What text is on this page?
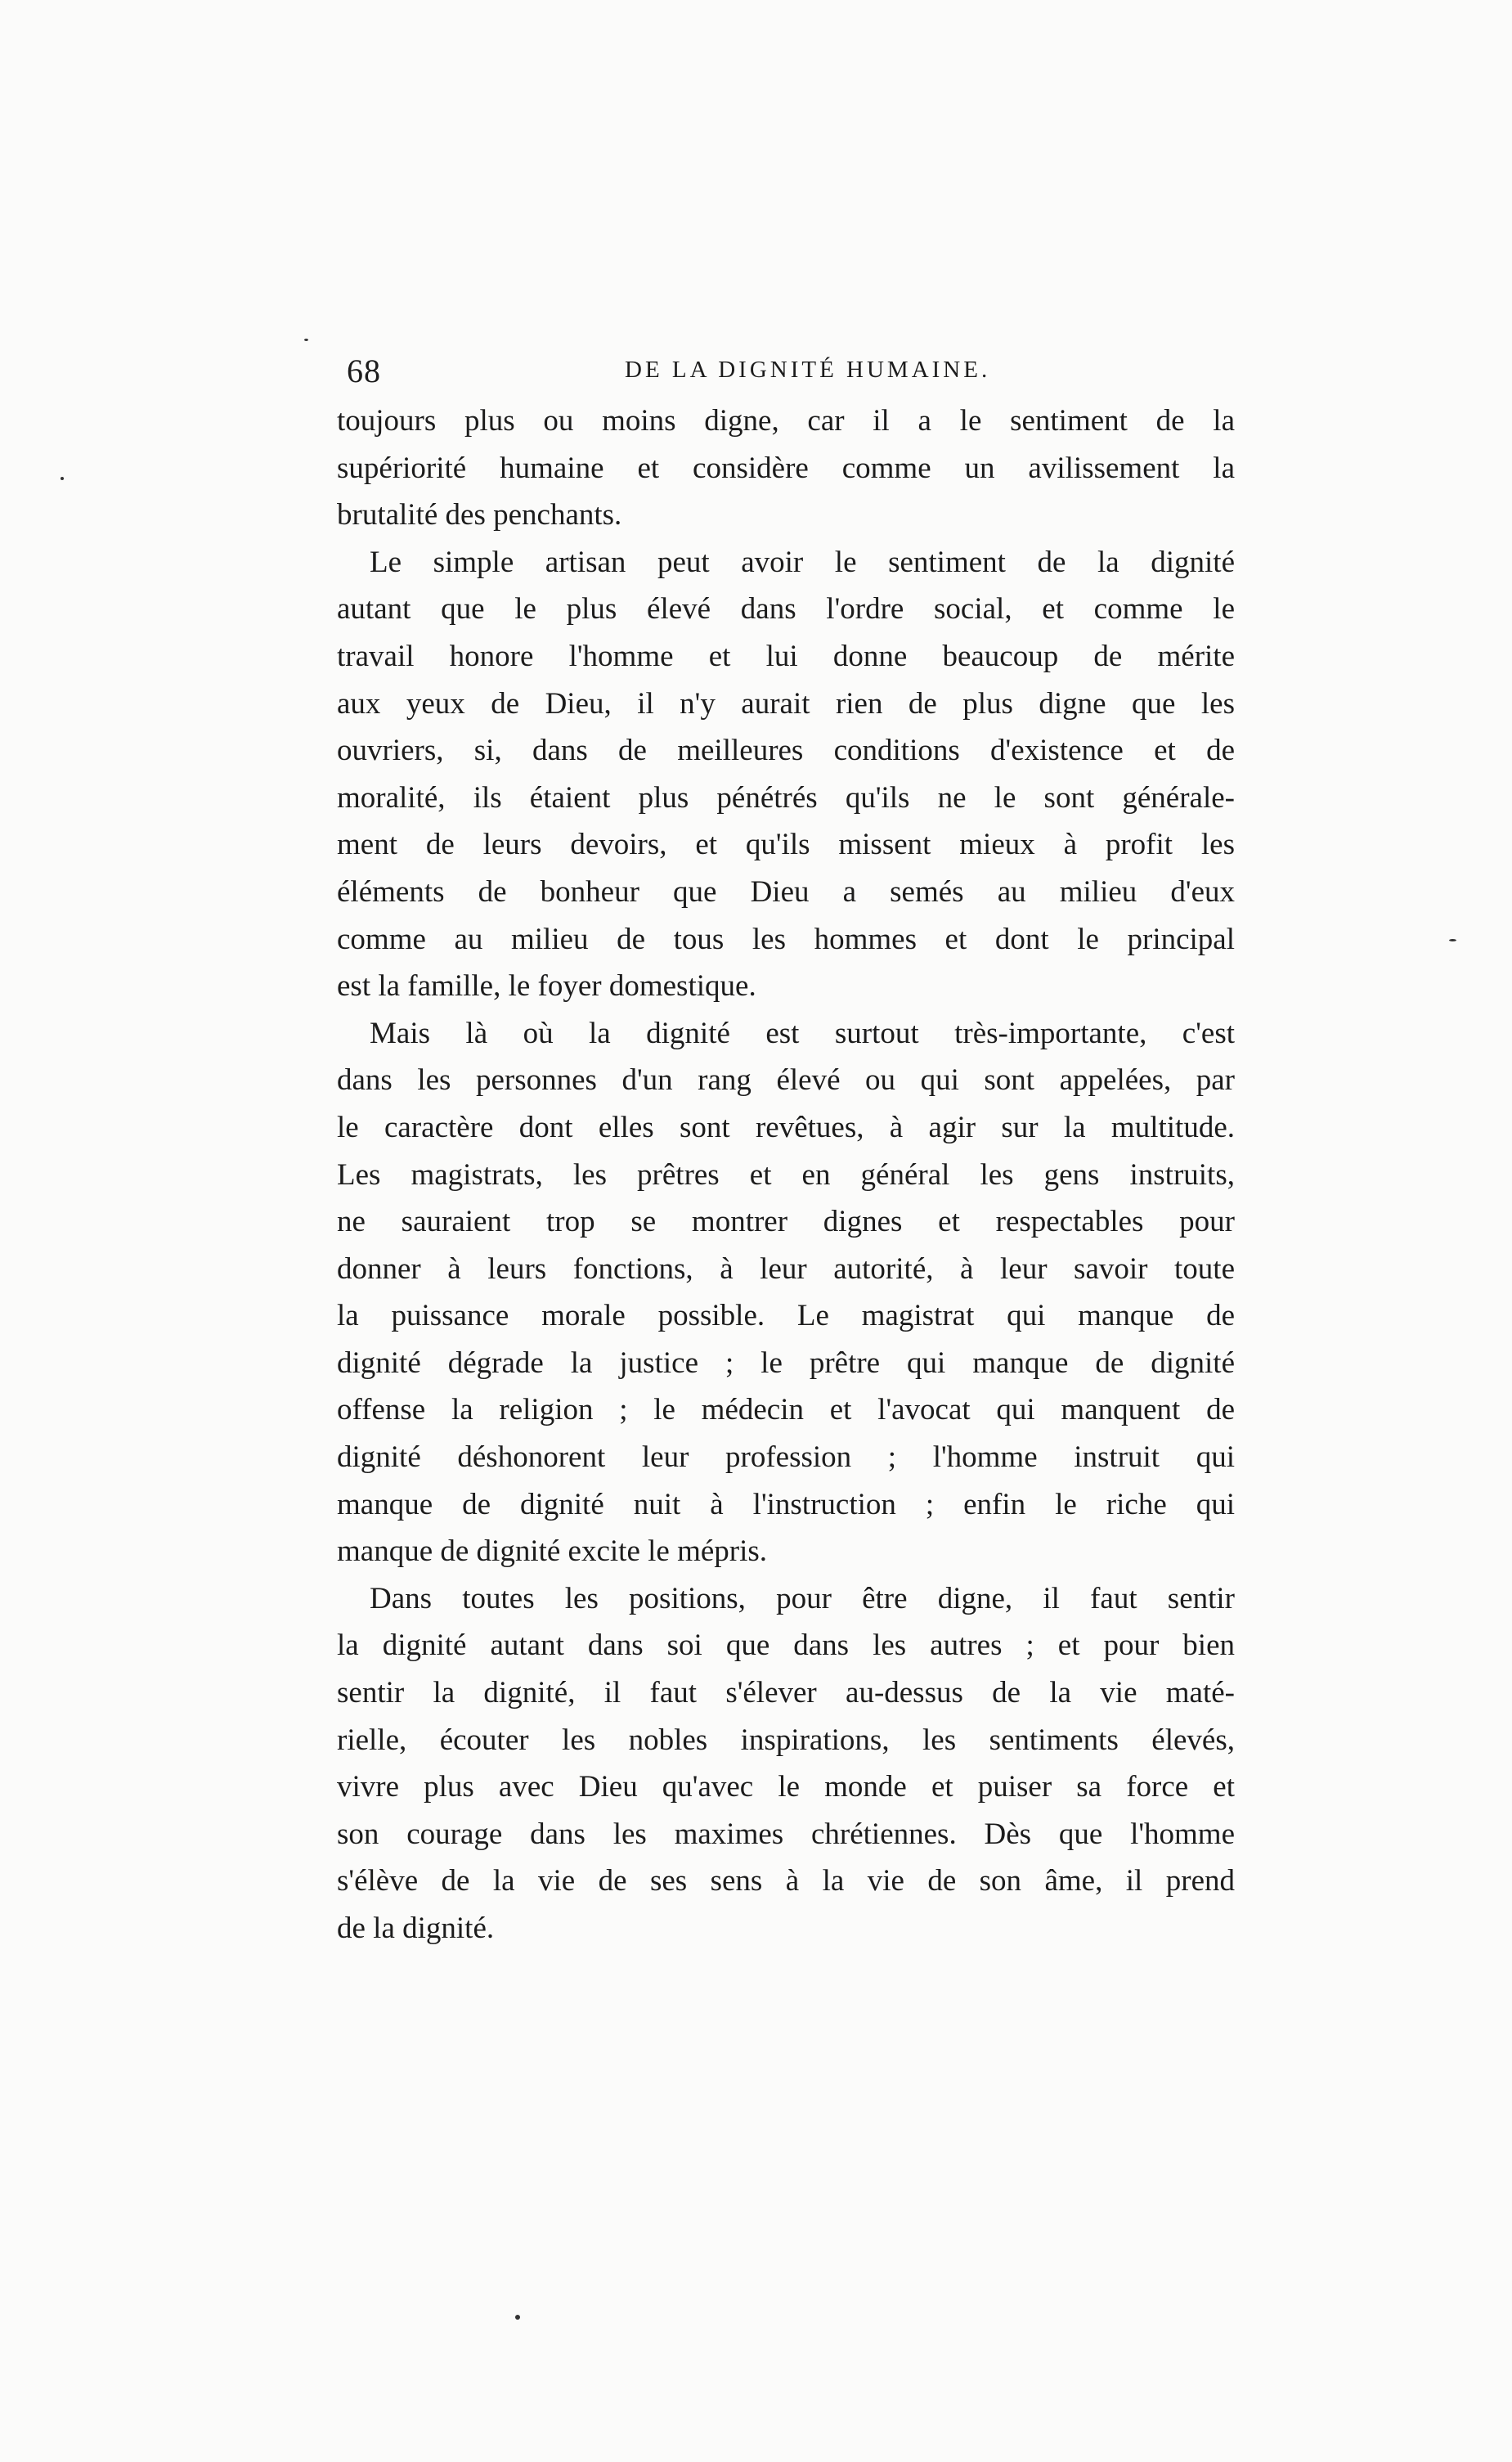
68	DE LA DIGNITÉ HUMAINE.
toujours plus ou moins digne, car il a le sentiment de la
supériorité humaine et considère comme un avilissement la
brutalité des penchants.
Le simple artisan peut avoir le sentiment de la dignité
autant que le plus élevé dans l'ordre social, et comme le
travail honore l'homme et lui donne beaucoup de mérite
aux yeux de Dieu, il n'y aurait rien de plus digne que les
ouvriers, si, dans de meilleures conditions d'existence et de
moralité, ils étaient plus pénétrés qu'ils ne le sont générale-
ment de leurs devoirs, et qu'ils missent mieux à profit les
éléments de bonheur que Dieu a semés au milieu d'eux
comme au milieu de tous les hommes et dont le principal
est la famille, le foyer domestique.
Mais là où la dignité est surtout très-importante, c'est
dans les personnes d'un rang élevé ou qui sont appelées, par
le caractère dont elles sont revêtues, à agir sur la multitude.
Les magistrats, les prêtres et en général les gens instruits,
ne sauraient trop se montrer dignes et respectables pour
donner à leurs fonctions, à leur autorité, à leur savoir toute
la puissance morale possible. Le magistrat qui manque de
dignité dégrade la justice ; le prêtre qui manque de dignité
offense la religion ; le médecin et l'avocat qui manquent de
dignité déshonorent leur profession ; l'homme instruit qui
manque de dignité nuit à l'instruction ; enfin le riche qui
manque de dignité excite le mépris.
Dans toutes les positions, pour être digne, il faut sentir
la dignité autant dans soi que dans les autres ; et pour bien
sentir la dignité, il faut s'élever au-dessus de la vie maté-
rielle, écouter les nobles inspirations, les sentiments élevés,
vivre plus avec Dieu qu'avec le monde et puiser sa force et
son courage dans les maximes chrétiennes. Dès que l'homme
s'élève de la vie de ses sens à la vie de son âme, il prend
de la dignité.
